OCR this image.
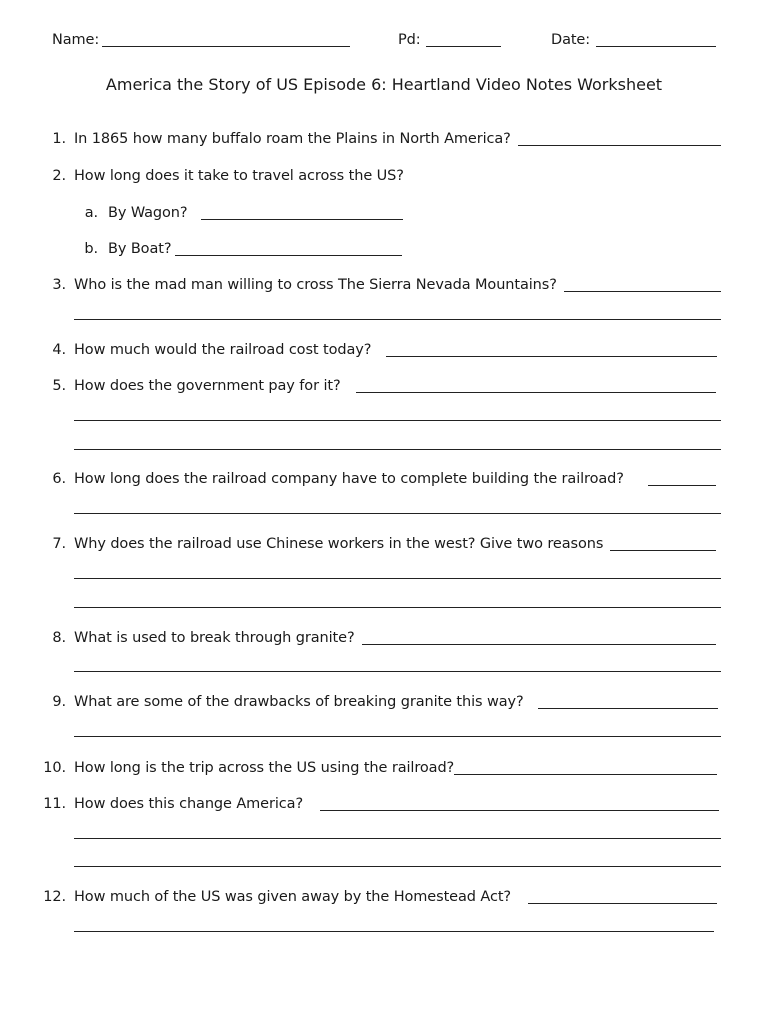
Name:	Pd:	Date:
America the Story of US Episode 6: Heartland Video Notes Worksheet
1. In 1865 how many buffalo roam the Plains in North America?
2. How long does it take to travel across the US?
a. By Wagon?
b. By Boat?
3. Who is the mad man willing to cross The Sierra Nevada Mountains?
4. How much would the railroad cost today?
5. How does the government pay for it?
6. How long does the railroad company have to complete building the railroad?
7. Why does the railroad use Chinese workers in the west? Give two reasons
8. What is used to break through granite?
9. What are some of the drawbacks of breaking granite this way?
10. How long is the trip across the US using the railroad?
11. How does this change America?
12. How much of the US was given away by the Homestead Act?
